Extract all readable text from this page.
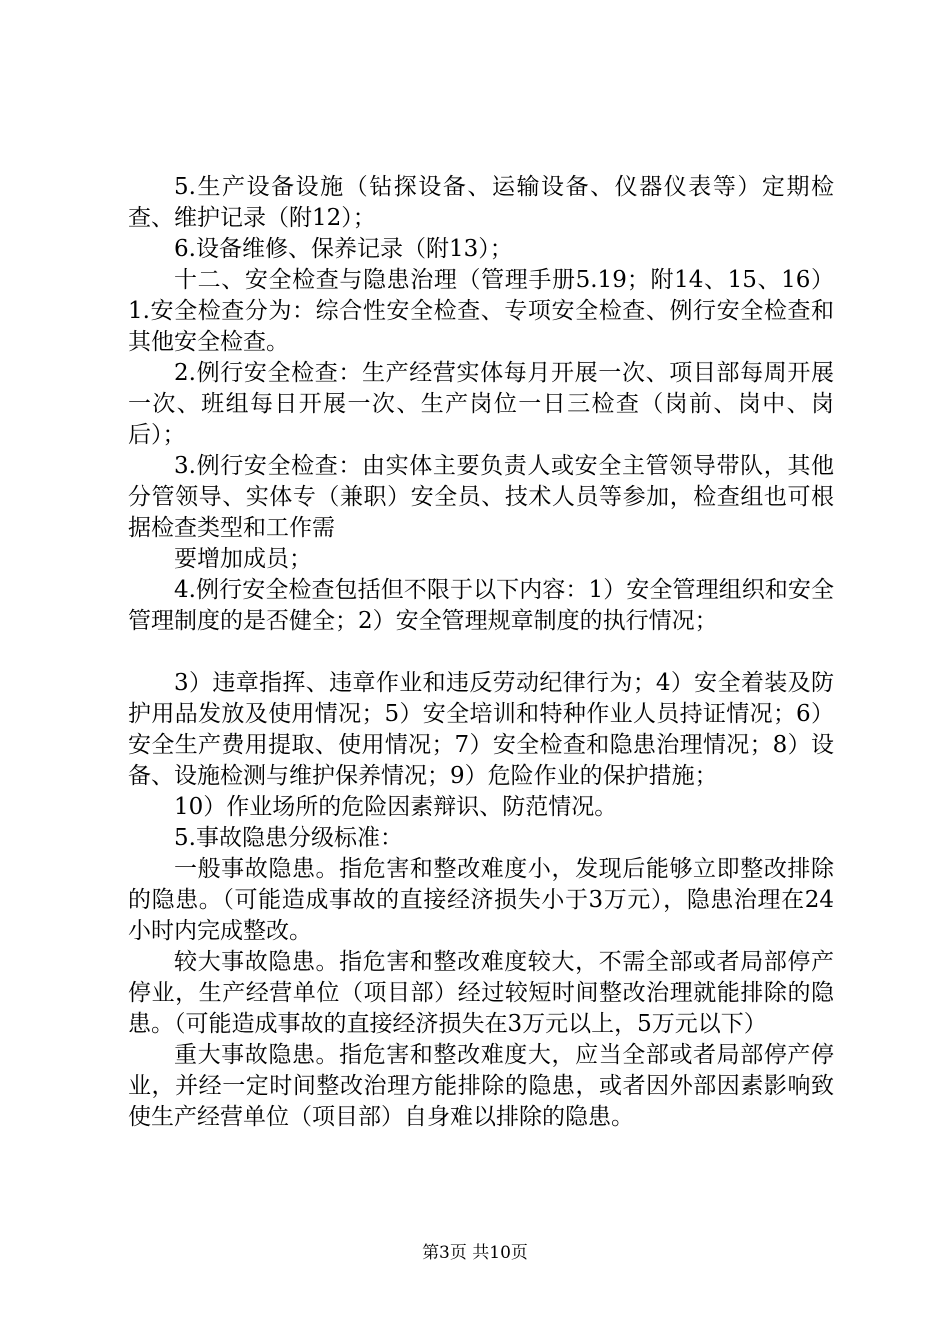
5.生产设备设施（钻探设备、运输设备、仪器仪表等）定期检查、维护记录（附12）；

6.设备维修、保养记录（附13）；

十二、安全检查与隐患治理（管理手册5.19；附14、15、16）1.安全检查分为：综合性安全检查、专项安全检查、例行安全检查和其他安全检查。

2.例行安全检查：生产经营实体每月开展一次、项目部每周开展一次、班组每日开展一次、生产岗位一日三检查（岗前、岗中、岗后）；

3.例行安全检查：由实体主要负责人或安全主管领导带队，其他分管领导、实体专（兼职）安全员、技术人员等参加，检查组也可根据检查类型和工作需

要增加成员；

4.例行安全检查包括但不限于以下内容：1）安全管理组织和安全管理制度的是否健全；2）安全管理规章制度的执行情况；

3）违章指挥、违章作业和违反劳动纪律行为；4）安全着装及防护用品发放及使用情况；5）安全培训和特种作业人员持证情况；6）安全生产费用提取、使用情况；7）安全检查和隐患治理情况；8）设备、设施检测与维护保养情况；9）危险作业的保护措施；

10）作业场所的危险因素辩识、防范情况。

5.事故隐患分级标准：

一般事故隐患。指危害和整改难度小，发现后能够立即整改排除的隐患。（可能造成事故的直接经济损失小于3万元），隐患治理在24小时内完成整改。

较大事故隐患。指危害和整改难度较大，不需全部或者局部停产停业，生产经营单位（项目部）经过较短时间整改治理就能排除的隐患。（可能造成事故的直接经济损失在3万元以上，5万元以下）

重大事故隐患。指危害和整改难度大，应当全部或者局部停产停业，并经一定时间整改治理方能排除的隐患，或者因外部因素影响致使生产经营单位（项目部）自身难以排除的隐患。

第3页 共10页
